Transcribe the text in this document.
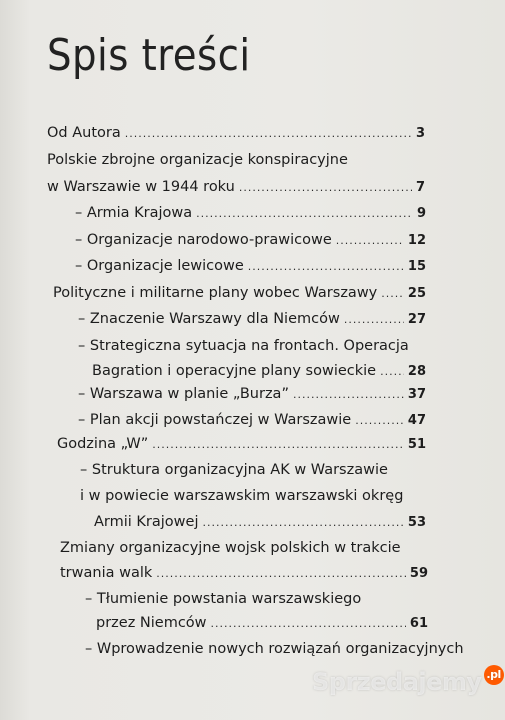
Spis treści
Od Autora .....	3
Polskie zbrojne organizacje konspiracyjne
w Warszawie w 1944 roku .....	7
– Armia Krajowa .....	9
– Organizacje narodowo-prawicowe .....	12
– Organizacje lewicowe .....	15
Polityczne i militarne plany wobec Warszawy ..... 25
– Znaczenie Warszawy dla Niemców .....	27
– Strategiczna sytuacja na frontach. Operacja
Bagration i operacyjne plany sowieckie ..... 28
– Warszawa w planie „Burza” .....	37
– Plan akcji powstańczej w Warszawie .....	47
Godzina „W” .....	51
– Struktura organizacyjna AK w Warszawie
i w powiecie warszawskim warszawski okręg
Armii Krajowej .....	53
Zmiany organizacyjne wojsk polskich w trakcie
trwania walk .....	59
– Tłumienie powstania warszawskiego
przez Niemców .....	61
– Wprowadzenie nowych rozwiązań organizacyjnych
Sprzedajemy .pl
